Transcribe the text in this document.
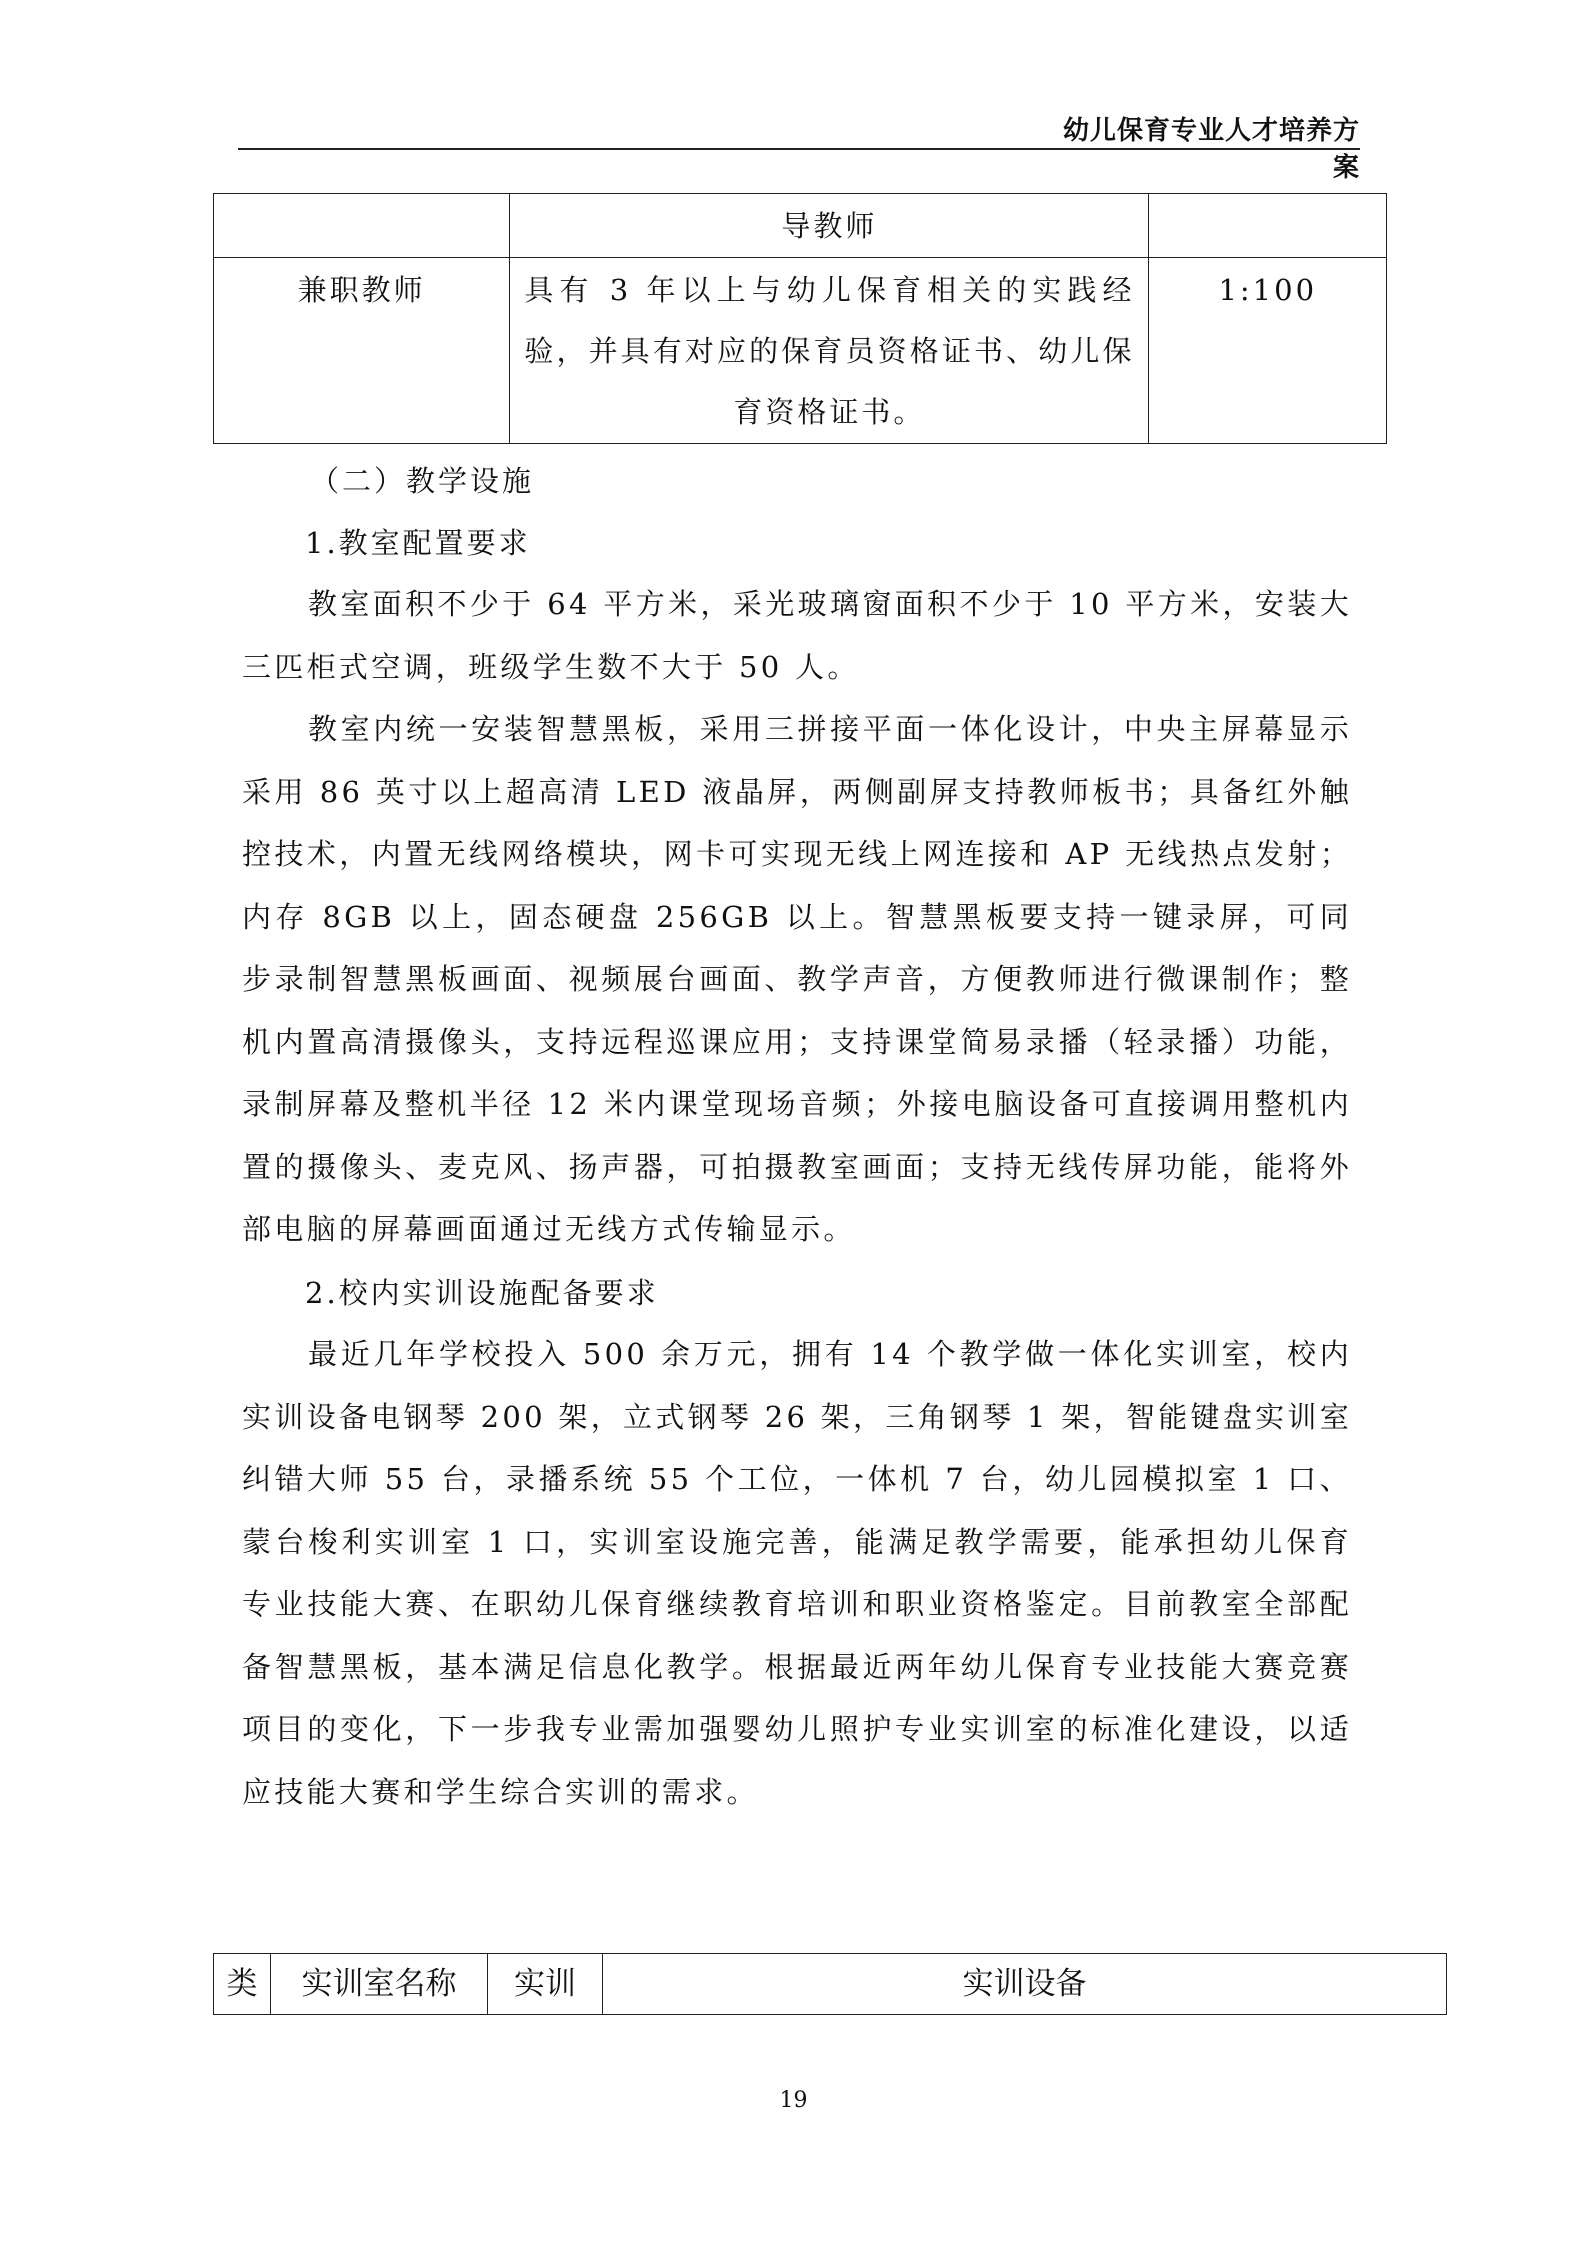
幼儿保育专业人才培养方案

	导教师	

兼职教师	具有 3 年以上与幼儿保育相关的实践经验，并具有对应的保育员资格证书、幼儿保育资格证书。	1:100
（二）教学设施
1.教室配置要求

教室面积不少于 64 平方米，采光玻璃窗面积不少于 10 平方米，安装大三匹柜式空调，班级学生数不大于 50 人。

教室内统一安装智慧黑板，采用三拼接平面一体化设计，中央主屏幕显示采用 86 英寸以上超高清 LED 液晶屏，两侧副屏支持教师板书；具备红外触控技术，内置无线网络模块，网卡可实现无线上网连接和 AP 无线热点发射；内存 8GB 以上，固态硬盘 256GB 以上。智慧黑板要支持一键录屏，可同步录制智慧黑板画面、视频展台画面、教学声音，方便教师进行微课制作；整机内置高清摄像头，支持远程巡课应用；支持课堂简易录播（轻录播）功能，录制屏幕及整机半径 12 米内课堂现场音频；外接电脑设备可直接调用整机内置的摄像头、麦克风、扬声器，可拍摄教室画面；支持无线传屏功能，能将外部电脑的屏幕画面通过无线方式传输显示。

2.校内实训设施配备要求

最近几年学校投入 500 余万元，拥有 14 个教学做一体化实训室，校内实训设备电钢琴 200 架，立式钢琴 26 架，三角钢琴 1 架，智能键盘实训室纠错大师 55 台，录播系统 55 个工位，一体机 7 台，幼儿园模拟室 1 口、蒙台梭利实训室 1 口，实训室设施完善，能满足教学需要，能承担幼儿保育专业技能大赛、在职幼儿保育继续教育培训和职业资格鉴定。目前教室全部配备智慧黑板，基本满足信息化教学。根据最近两年幼儿保育专业技能大赛竞赛项目的变化，下一步我专业需加强婴幼儿照护专业实训室的标准化建设，以适应技能大赛和学生综合实训的需求。

类	实训室名称	实训	实训设备
19
